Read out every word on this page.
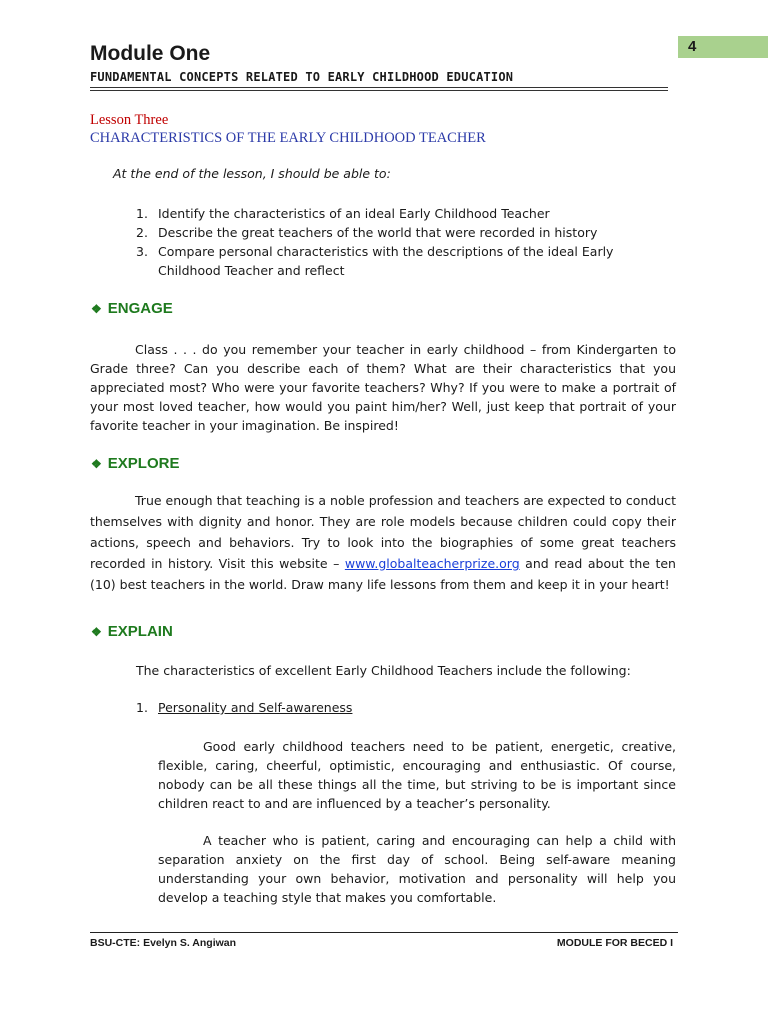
4
Module One
FUNDAMENTAL CONCEPTS RELATED TO EARLY CHILDHOOD EDUCATION
Lesson Three
CHARACTERISTICS OF THE EARLY CHILDHOOD TEACHER
At the end of the lesson, I should be able to:
1. Identify the characteristics of an ideal Early Childhood Teacher
2. Describe the great teachers of the world that were recorded in history
3. Compare personal characteristics with the descriptions of the ideal Early Childhood Teacher and reflect
❖ ENGAGE

Class . . . do you remember your teacher in early childhood – from Kindergarten to Grade three? Can you describe each of them? What are their characteristics that you appreciated most? Who were your favorite teachers? Why? If you were to make a portrait of your most loved teacher, how would you paint him/her? Well, just keep that portrait of your favorite teacher in your imagination. Be inspired!

❖ EXPLORE

True enough that teaching is a noble profession and teachers are expected to conduct themselves with dignity and honor. They are role models because children could copy their actions, speech and behaviors. Try to look into the biographies of some great teachers recorded in history. Visit this website – www.globalteacherprize.org and read about the ten (10) best teachers in the world. Draw many life lessons from them and keep it in your heart!

❖ EXPLAIN
The characteristics of excellent Early Childhood Teachers include the following:
1. Personality and Self-awareness

Good early childhood teachers need to be patient, energetic, creative, flexible, caring, cheerful, optimistic, encouraging and enthusiastic. Of course, nobody can be all these things all the time, but striving to be is important since children react to and are influenced by a teacher’s personality.

A teacher who is patient, caring and encouraging can help a child with separation anxiety on the first day of school. Being self-aware meaning understanding your own behavior, motivation and personality will help you develop a teaching style that makes you comfortable.

BSU-CTE: Evelyn S. Angiwan	MODULE FOR BECED I
